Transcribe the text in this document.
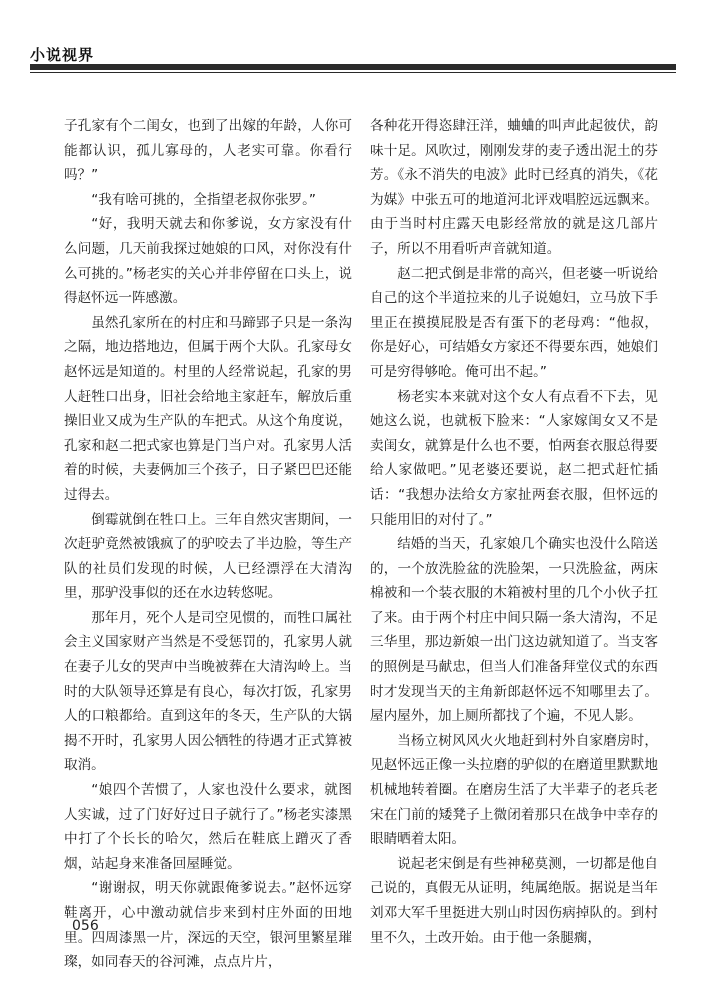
小说视界

子孔家有个二闺女，也到了出嫁的年龄，人你可能都认识，孤儿寡母的，人老实可靠。你看行吗？”

“我有啥可挑的，全指望老叔你张罗。”

“好，我明天就去和你爹说，女方家没有什么问题，几天前我探过她娘的口风，对你没有什么可挑的。”杨老实的关心并非停留在口头上，说得赵怀远一阵感激。

虽然孔家所在的村庄和马蹄郢子只是一条沟之隔，地边搭地边，但属于两个大队。孔家母女赵怀远是知道的。村里的人经常说起，孔家的男人赶牲口出身，旧社会给地主家赶车，解放后重操旧业又成为生产队的车把式。从这个角度说，孔家和赵二把式家也算是门当户对。孔家男人活着的时候，夫妻俩加三个孩子，日子紧巴巴还能过得去。

倒霉就倒在牲口上。三年自然灾害期间，一次赶驴竟然被饿疯了的驴咬去了半边脸，等生产队的社员们发现的时候，人已经漂浮在大清沟里，那驴没事似的还在水边转悠呢。

那年月，死个人是司空见惯的，而牲口属社会主义国家财产当然是不受惩罚的，孔家男人就在妻子儿女的哭声中当晚被葬在大清沟岭上。当时的大队领导还算是有良心，每次打饭，孔家男人的口粮都给。直到这年的冬天，生产队的大锅揭不开时，孔家男人因公牺牲的待遇才正式算被取消。

“娘四个苦惯了，人家也没什么要求，就图人实诚，过了门好好过日子就行了。”杨老实漆黑中打了个长长的哈欠，然后在鞋底上蹭灭了香烟，站起身来准备回屋睡觉。

“谢谢叔，明天你就跟俺爹说去。”赵怀远穿鞋离开，心中激动就信步来到村庄外面的田地里。四周漆黑一片，深远的天空，银河里繁星璀璨，如同春天的谷河滩，点点片片，

各种花开得恣肆汪洋，蛐蛐的叫声此起彼伏，韵味十足。风吹过，刚刚发芽的麦子透出泥土的芬芳。《永不消失的电波》此时已经真的消失，《花为媒》中张五可的地道河北评戏唱腔远远飘来。由于当时村庄露天电影经常放的就是这几部片子，所以不用看听声音就知道。

赵二把式倒是非常的高兴，但老婆一听说给自己的这个半道拉来的儿子说媳妇，立马放下手里正在摸摸屁股是否有蛋下的老母鸡：“他叔，你是好心，可结婚女方家还不得要东西，她娘们可是穷得够呛。俺可出不起。”

杨老实本来就对这个女人有点看不下去，见她这么说，也就板下脸来：“人家嫁闺女又不是卖闺女，就算是什么也不要，怕两套衣服总得要给人家做吧。”见老婆还要说，赵二把式赶忙插话：“我想办法给女方家扯两套衣服，但怀远的只能用旧的对付了。”

结婚的当天，孔家娘几个确实也没什么陪送的，一个放洗脸盆的洗脸架，一只洗脸盆，两床棉被和一个装衣服的木箱被村里的几个小伙子扛了来。由于两个村庄中间只隔一条大清沟，不足三华里，那边新娘一出门这边就知道了。当支客的照例是马献忠，但当人们准备拜堂仪式的东西时才发现当天的主角新郎赵怀远不知哪里去了。屋内屋外，加上厕所都找了个遍，不见人影。

当杨立树风风火火地赶到村外自家磨房时，见赵怀远正像一头拉磨的驴似的在磨道里默默地机械地转着圈。在磨房生活了大半辈子的老兵老宋在门前的矮凳子上微闭着那只在战争中幸存的眼睛晒着太阳。

说起老宋倒是有些神秘莫测，一切都是他自己说的，真假无从证明，纯属绝版。据说是当年刘邓大军千里挺进大别山时因伤病掉队的。到村里不久，土改开始。由于他一条腿瘸，

056
